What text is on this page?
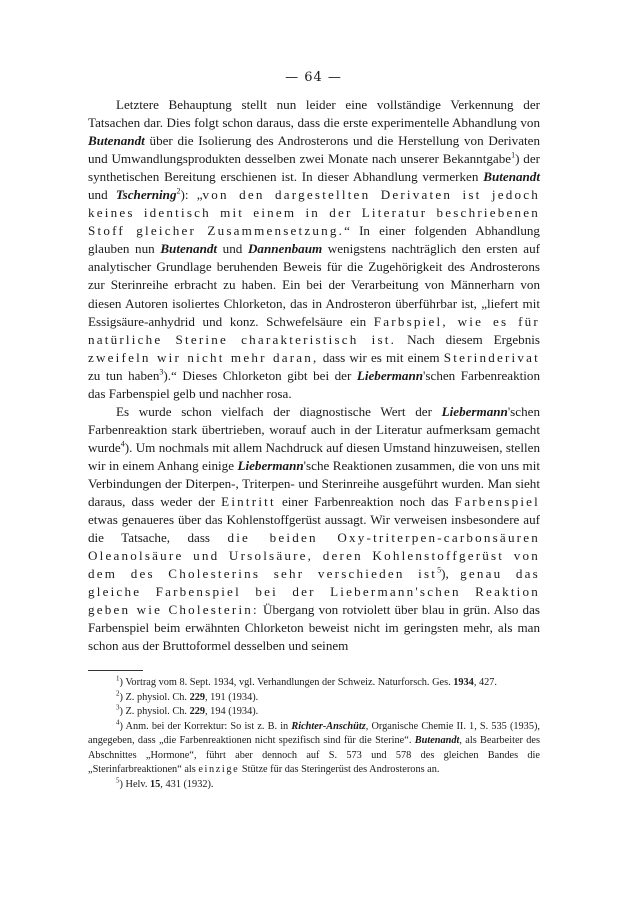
— 64 —

Letztere Behauptung stellt nun leider eine vollständige Verkennung der Tatsachen dar. Dies folgt schon daraus, dass die erste experimentelle Abhandlung von Butenandt über die Isolierung des Androsterons und die Herstellung von Derivaten und Umwandlungsprodukten desselben zwei Monate nach unserer Bekanntgabe$^1$) der synthetischen Bereitung erschienen ist. In dieser Abhandlung vermerken Butenandt und Tscherning$^2$): „von den dargestellten Derivaten ist jedoch keines identisch mit einem in der Literatur beschriebenen Stoff gleicher Zusammensetzung.“ In einer folgenden Abhandlung glauben nun Butenandt und Dannenbaum wenigstens nachträglich den ersten auf analytischer Grundlage beruhenden Beweis für die Zugehörigkeit des Androsterons zur Sterinreihe erbracht zu haben. Ein bei der Verarbeitung von Männerharn von diesen Autoren isoliertes Chlorketon, das in Androsteron überführbar ist, „liefert mit Essigsäure-anhydrid und konz. Schwefelsäure ein Farbspiel, wie es für natürliche Sterine charakteristisch ist. Nach diesem Ergebnis zweifeln wir nicht mehr daran, dass wir es mit einem Sterinderivat zu tun haben$^3$).“ Dieses Chlorketon gibt bei der Liebermann'schen Farbenreaktion das Farbenspiel gelb und nachher rosa.

Es wurde schon vielfach der diagnostische Wert der Liebermann'schen Farbenreaktion stark übertrieben, worauf auch in der Literatur aufmerksam gemacht wurde$^4$). Um nochmals mit allem Nachdruck auf diesen Umstand hinzuweisen, stellen wir in einem Anhang einige Liebermann'sche Reaktionen zusammen, die von uns mit Verbindungen der Diterpen-, Triterpen- und Sterinreihe ausgeführt wurden. Man sieht daraus, dass weder der Eintritt einer Farbenreaktion noch das Farbenspiel etwas genaueres über das Kohlenstoffgerüst aussagt. Wir verweisen insbesondere auf die Tatsache, dass die beiden Oxy-triterpen-carbonsäuren Oleanolsäure und Ursolsäure, deren Kohlenstoffgerüst von dem des Cholesterins sehr verschieden ist$^5$), genau das gleiche Farbenspiel bei der Liebermann'schen Reaktion geben wie Cholesterin: Übergang von rotviolett über blau in grün. Also das Farbenspiel beim erwähnten Chlorketon beweist nicht im geringsten mehr, als man schon aus der Bruttoformel desselben und seinem

$^1$) Vortrag vom 8. Sept. 1934, vgl. Verhandlungen der Schweiz. Naturforsch. Ges. 1934, 427.

$^2$) Z. physiol. Ch. 229, 191 (1934).

$^3$) Z. physiol. Ch. 229, 194 (1934).

$^4$) Anm. bei der Korrektur: So ist z. B. in Richter-Anschütz, Organische Chemie II. 1, S. 535 (1935), angegeben, dass „die Farbenreaktionen nicht spezifisch sind für die Sterine“. Butenandt, als Bearbeiter des Abschnittes „Hormone“, führt aber dennoch auf S. 573 und 578 des gleichen Bandes die „Sterinfarbreaktionen“ als einzige Stütze für das Steringerüst des Androsterons an.

$^5$) Helv. 15, 431 (1932).
